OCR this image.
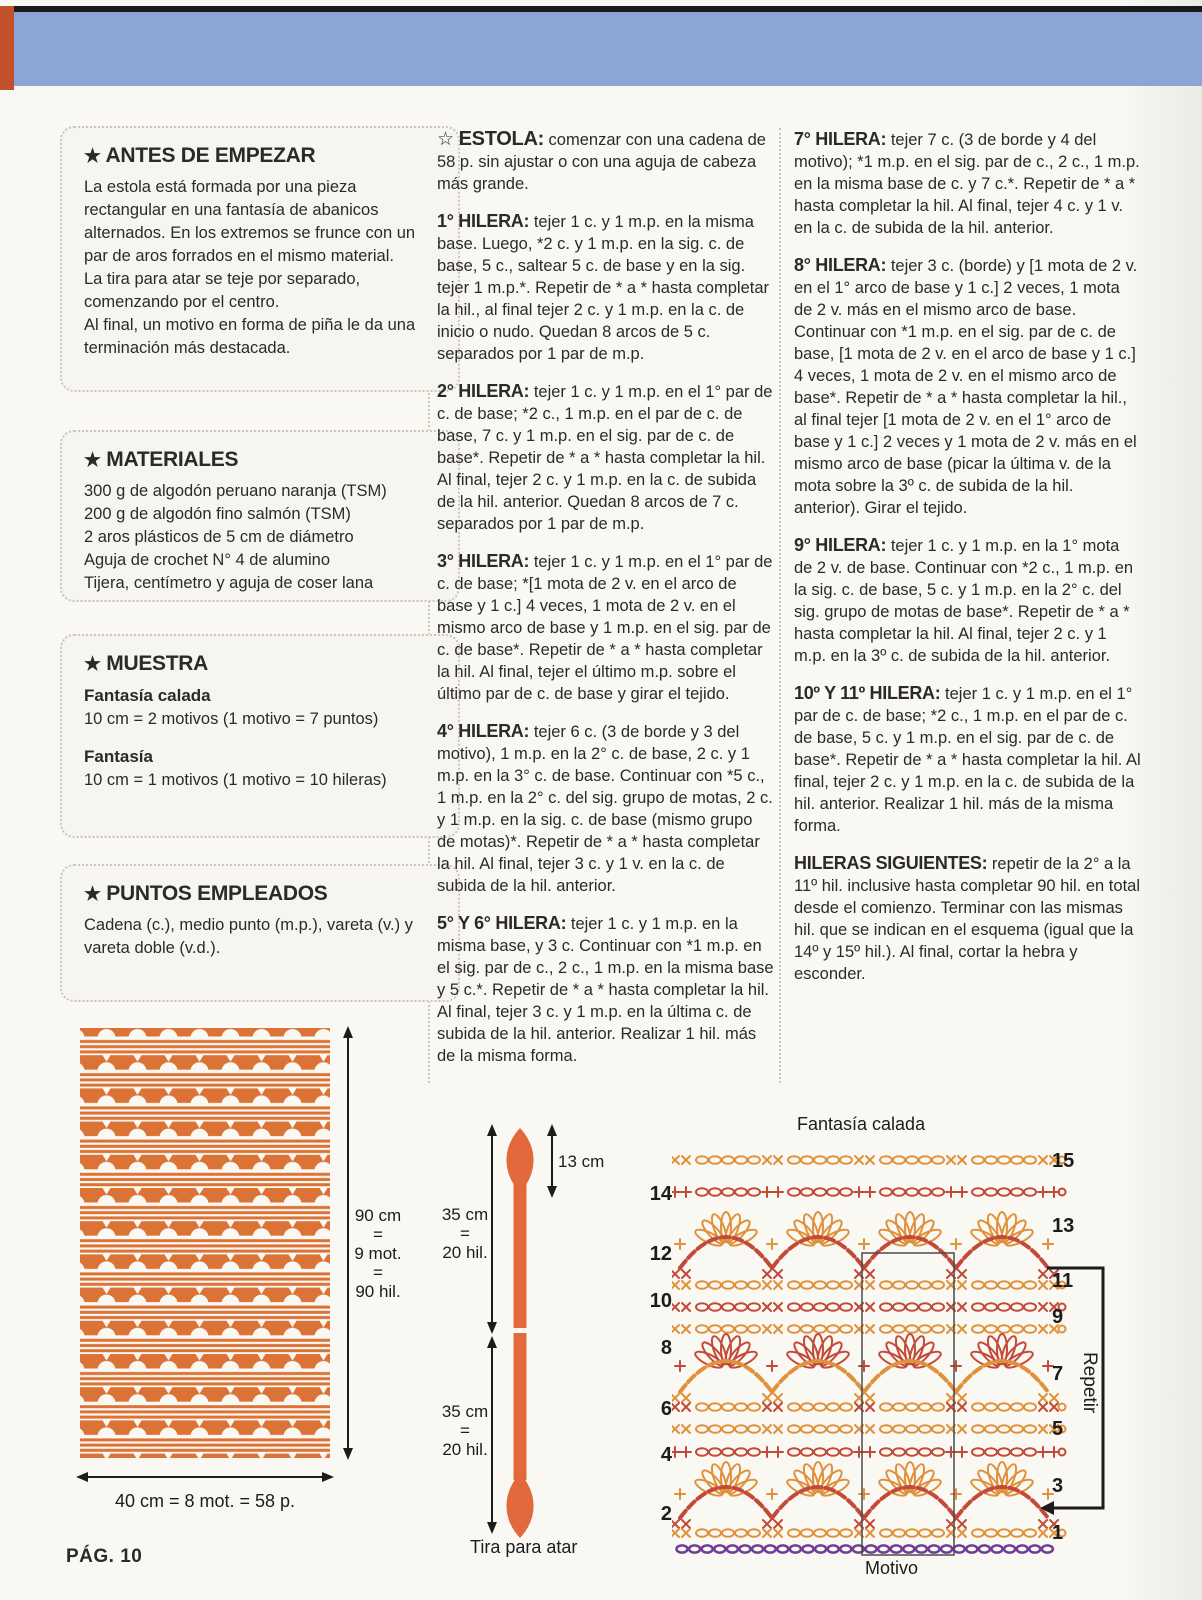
★ ANTES DE EMPEZAR

La estola está formada por una pieza rectangular en una fantasía de abanicos alternados. En los extremos se frunce con un par de aros forrados en el mismo material.

La tira para atar se teje por separado, comenzando por el centro.

Al final, un motivo en forma de piña le da una terminación más destacada.

★ MATERIALES

300 g de algodón peruano naranja (TSM)

200 g de algodón fino salmón (TSM)

2 aros plásticos de 5 cm de diámetro

Aguja de crochet N° 4 de alumino

Tijera, centímetro y aguja de coser lana

★ MUESTRA

Fantasía calada

10 cm = 2 motivos (1 motivo = 7 puntos)

Fantasía

10 cm = 1 motivos (1 motivo = 10 hileras)

★ PUNTOS EMPLEADOS

Cadena (c.), medio punto (m.p.), vareta (v.) y vareta doble (v.d.).

☆ ESTOLA: comenzar con una cadena de 58 p. sin ajustar o con una aguja de cabeza más grande.

1° HILERA: tejer 1 c. y 1 m.p. en la misma base. Luego, *2 c. y 1 m.p. en la sig. c. de base, 5 c., saltear 5 c. de base y en la sig. tejer 1 m.p.*. Repetir de * a * hasta completar la hil., al final tejer 2 c. y 1 m.p. en la c. de inicio o nudo. Quedan 8 arcos de 5 c. separados por 1 par de m.p.

2° HILERA: tejer 1 c. y 1 m.p. en el 1° par de c. de base; *2 c., 1 m.p. en el par de c. de base, 7 c. y 1 m.p. en el sig. par de c. de base*. Repetir de * a * hasta completar la hil. Al final, tejer 2 c. y 1 m.p. en la c. de subida de la hil. anterior. Quedan 8 arcos de 7 c. separados por 1 par de m.p.

3° HILERA: tejer 1 c. y 1 m.p. en el 1° par de c. de base; *[1 mota de 2 v. en el arco de base y 1 c.] 4 veces, 1 mota de 2 v. en el mismo arco de base y 1 m.p. en el sig. par de c. de base*. Repetir de * a * hasta completar la hil. Al final, tejer el último m.p. sobre el último par de c. de base y girar el tejido.

4° HILERA: tejer 6 c. (3 de borde y 3 del motivo), 1 m.p. en la 2° c. de base, 2 c. y 1 m.p. en la 3° c. de base. Continuar con *5 c., 1 m.p. en la 2° c. del sig. grupo de motas, 2 c. y 1 m.p. en la sig. c. de base (mismo grupo de motas)*. Repetir de * a * hasta completar la hil. Al final, tejer 3 c. y 1 v. en la c. de subida de la hil. anterior.

5° Y 6° HILERA: tejer 1 c. y 1 m.p. en la misma base, y 3 c. Continuar con *1 m.p. en el sig. par de c., 2 c., 1 m.p. en la misma base y 5 c.*. Repetir de * a * hasta completar la hil. Al final, tejer 3 c. y 1 m.p. en la última c. de subida de la hil. anterior. Realizar 1 hil. más de la misma forma.

7° HILERA: tejer 7 c. (3 de borde y 4 del motivo); *1 m.p. en el sig. par de c., 2 c., 1 m.p. en la misma base de c. y 7 c.*. Repetir de * a * hasta completar la hil. Al final, tejer 4 c. y 1 v. en la c. de subida de la hil. anterior.

8° HILERA: tejer 3 c. (borde) y [1 mota de 2 v. en el 1° arco de base y 1 c.] 2 veces, 1 mota de 2 v. más en el mismo arco de base. Continuar con *1 m.p. en el sig. par de c. de base, [1 mota de 2 v. en el arco de base y 1 c.] 4 veces, 1 mota de 2 v. en el mismo arco de base*. Repetir de * a * hasta completar la hil., al final tejer [1 mota de 2 v. en el 1° arco de base y 1 c.] 2 veces y 1 mota de 2 v. más en el mismo arco de base (picar la última v. de la mota sobre la 3º c. de subida de la hil. anterior). Girar el tejido.

9° HILERA: tejer 1 c. y 1 m.p. en la 1° mota de 2 v. de base. Continuar con *2 c., 1 m.p. en la sig. c. de base, 5 c. y 1 m.p. en la 2° c. del sig. grupo de motas de base*. Repetir de * a * hasta completar la hil. Al final, tejer 2 c. y 1 m.p. en la 3º c. de subida de la hil. anterior.

10º Y 11º HILERA: tejer 1 c. y 1 m.p. en el 1° par de c. de base; *2 c., 1 m.p. en el par de c. de base, 5 c. y 1 m.p. en el sig. par de c. de base*. Repetir de * a * hasta completar la hil. Al final, tejer 2 c. y 1 m.p. en la c. de subida de la hil. anterior. Realizar 1 hil. más de la misma forma.

HILERAS SIGUIENTES: repetir de la 2° a la 11º hil. inclusive hasta completar 90 hil. en total desde el comienzo. Terminar con las mismas hil. que se indican en el esquema (igual que la 14º y 15º hil.). Al final, cortar la hebra y esconder.

90 cm
=
9 mot.
=
90 hil.
40 cm = 8 mot. = 58 p.
13 cm
35 cm
=
20 hil.
35 cm
=
20 hil.
Tira para atar
Fantasía calada
14
12
10
8
6
4
2
15
13
11
9
7
5
3
1
Repetir
Motivo
PÁG. 10
